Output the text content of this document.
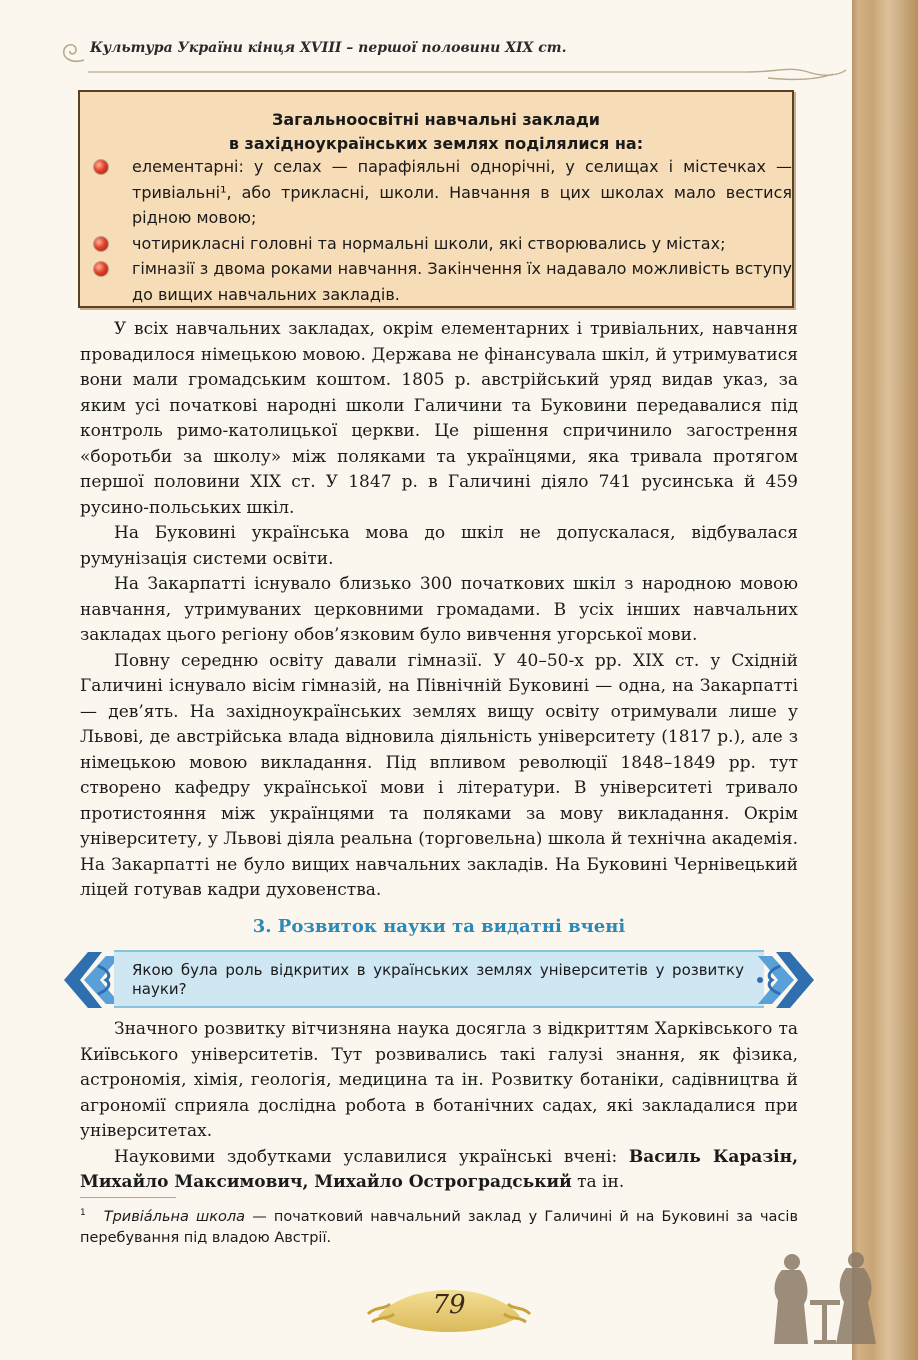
Культура України кінця XVIII – першої половини XIX ст.
Загальноосвітні навчальні заклади
в західноукраїнських землях поділялися на:
елементарні: у селах — парафіяльні однорічні, у селищах і містечках — тривіальні¹, або трикласні, школи. Навчання в цих школах мало вестися рідною мовою;
чотирикласні головні та нормальні школи, які створювались у містах;
гімназії з двома роками навчання. Закінчення їх надавало можливість вступу до вищих навчальних закладів.

У всіх навчальних закладах, окрім елементарних і тривіальних, навчання провадилося німецькою мовою. Держава не фінансувала шкіл, й утримуватися вони мали громадським коштом. 1805 р. австрійський уряд видав указ, за яким усі початкові народні школи Галичини та Буковини передавалися під контроль римо-католицької церкви. Це рішення спричинило загострення «боротьби за школу» між поляками та українцями, яка тривала протягом першої половини XIX ст. У 1847 р. в Галичині діяло 741 русинська й 459 русино-польських шкіл.

На Буковині українська мова до шкіл не допускалася, відбувалася румунізація системи освіти.

На Закарпатті існувало близько 300 початкових шкіл з народною мовою навчання, утримуваних церковними громадами. В усіх інших навчальних закладах цього регіону обов’язковим було вивчення угорської мови.

Повну середню освіту давали гімназії. У 40–50-х рр. XIX ст. у Східній Галичині існувало вісім гімназій, на Північній Буковині — одна, на Закарпатті — дев’ять. На західноукраїнських землях вищу освіту отримували лише у Львові, де австрійська влада відновила діяльність університету (1817 р.), але з німецькою мовою викладання. Під впливом революції 1848–1849 рр. тут створено кафедру української мови і літератури. В університеті тривало протистояння між українцями та поляками за мову викладання. Окрім університету, у Львові діяла реальна (торговельна) школа й технічна академія. На Закарпатті не було вищих навчальних закладів. На Буковині Чернівецький ліцей готував кадри духовенства.

3. Розвиток науки та видатні вчені
Якою була роль відкритих в українських землях університетів у розвитку науки?

Значного розвитку вітчизняна наука досягла з відкриттям Харківського та Київського університетів. Тут розвивались такі галузі знання, як фізика, астрономія, хімія, геологія, медицина та ін. Розвитку ботаніки, садівництва й агрономії сприяла дослідна робота в ботанічних садах, які закладалися при університетах.

Науковими здобутками уславилися українські вчені: Василь Каразін, Михайло Максимович, Михайло Остроградський та ін.

$^1$ Тривіáльна школа — початковий навчальний заклад у Галичині й на Буковині за часів перебування під владою Австрії.
79
